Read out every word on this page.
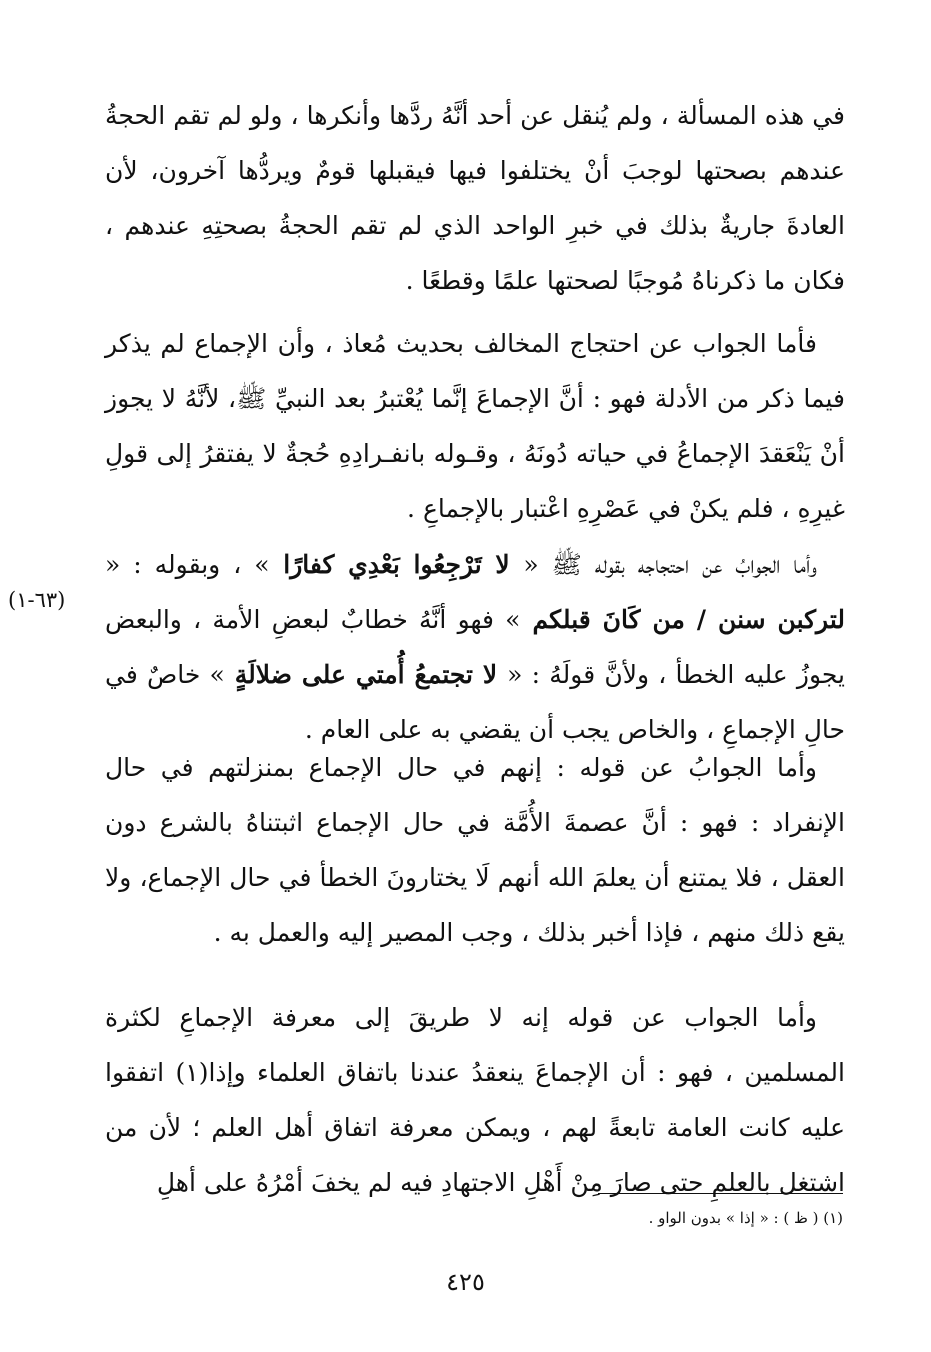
في هذه المسألة ، ولم يُنقل عن أحد أنَّهُ ردَّها وأنكرها ، ولو لم تقم الحجةُ عندهم بصحتها لوجبَ أنْ يختلفوا فيها فيقبلها قومٌ ويردُّها آخرون، لأن العادةَ جاريةٌ بذلك في خبرِ الواحد الذي لم تقم الحجةُ بصحتِهِ عندهم ، فكان ما ذكرناهُ مُوجبًا لصحتها علمًا وقطعًا .

فأما الجواب عن احتجاج المخالف بحديث مُعاذ ، وأن الإجماع لم يذكر فيما ذكر من الأدلة فهو : أنَّ الإجماعَ إنَّما يُعْتبرُ بعد النبيِّ ﷺ، لأنَّهُ لا يجوز أنْ يَنْعَقدَ الإجماعُ في حياته دُونَهُ ، وقـوله بانفـرادِهِ حُجةٌ لا يفتقرُ إلى قولِ غيرِهِ ، فلم يكنْ في عَصْرِهِ اعْتبار بالإجماعِ .

وأما الجوابُ عن احتجاجه بقوله ﷺ « لا تَرْجِعُوا بَعْدِي كفارًا » ، وبقوله : « لتركبن سنن / من كَانَ قبلكم » فهو أنَّهُ خطابٌ لبعضِ الأمة ، والبعض يجوزُ عليه الخطأ ، ولأنَّ قولَهُ : « لا تجتمعُ أُمتي على ضلالَةٍ » خاصٌ في حالِ الإجماعِ ، والخاص يجب أن يقضي به على العام .

وأما الجوابُ عن قوله : إنهم في حال الإجماع بمنزلتهم في حال الإنفراد : فهو : أنَّ عصمةَ الأُمَّة في حال الإجماع اثبتناهُ بالشرع دون العقل ، فلا يمتنع أن يعلمَ الله أنهم لَا يختارونَ الخطأ في حال الإجماع، ولا يقع ذلك منهم ، فإذا أخبر بذلك ، وجب المصير إليه والعمل به .

وأما الجواب عن قوله إنه لا طريقَ إلى معرفة الإجماعِ لكثرة المسلمين ، فهو : أن الإجماعَ ينعقدُ عندنا باتفاق العلماء وإذا(١) اتفقوا عليه كانت العامة تابعةً لهم ، ويمكن معرفة اتفاق أهل العلم ؛ لأن من اشتغل بالعلمِ حتى صارَ مِنْ أَهْلِ الاجتهادِ فيه لم يخفَ أمْرُهُ على أهلِ

(٦٣-١)
(١) ( ظ ) : « إذا » بدون الواو .
٤٢٥
